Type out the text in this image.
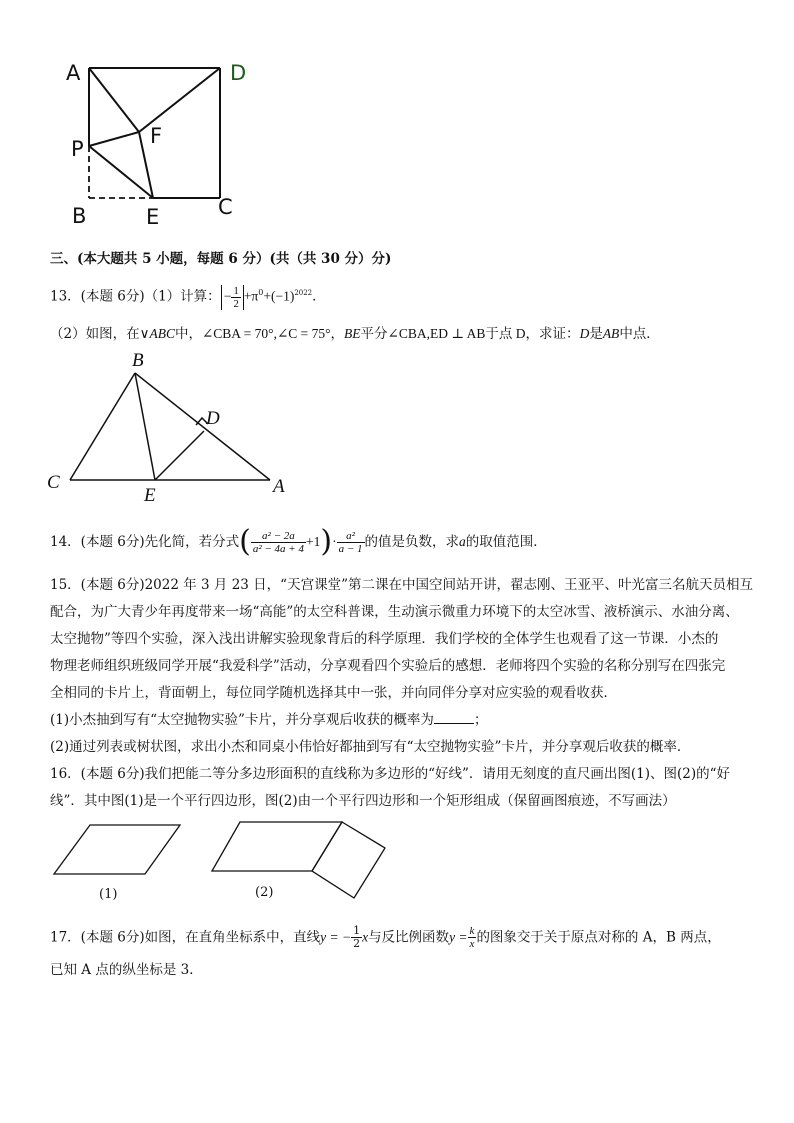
A	D
P
F
B	E	C
三、(本大题共 5 小题，每题 6 分）(共（共 30 分）分)
13．(本题 6分)（1）计算： − $\frac{1}{2} +\pi^0+(-1)^{2022}$．
（2）如图，在∨ABC中，∠CBA = 70°,∠C = 75°，BE平分∠CBA,ED ⊥ AB于点 D，求证：D是AB中点．
B
D
C
E	A
14．(本题 6分)先化简，若分式( $\frac{\text{a² − 2a}}{\text{a² − 4a + 4}} +1)\cdot \frac{\text{a²}}{a - 1}$ 的值是负数，求a的取值范围．
15．(本题 6分)2022 年 3 月 23 日，“天宫课堂”第二课在中国空间站开讲，翟志刚、王亚平、叶光富三名航天员相互
配合，为广大青少年再度带来一场“高能”的太空科普课，生动演示微重力环境下的太空冰雪、液桥演示、水油分离、
太空抛物”等四个实验，深入浅出讲解实验现象背后的科学原理．我们学校的全体学生也观看了这一节课．小杰的
物理老师组织班级同学开展“我爱科学”活动，分享观看四个实验后的感想．老师将四个实验的名称分别写在四张完
全相同的卡片上，背面朝上，每位同学随机选择其中一张，并向同伴分享对应实验的观看收获．
(1)小杰抽到写有“太空抛物实验”卡片，并分享观后收获的概率为	；
(2)通过列表或树状图，求出小杰和同桌小伟恰好都抽到写有“太空抛物实验”卡片，并分享观后收获的概率．
16．(本题 6分)我们把能二等分多边形面积的直线称为多边形的“好线”．请用无刻度的直尺画出图(1)、图(2)的“好
线”．其中图(1)是一个平行四边形，图(2)由一个平行四边形和一个矩形组成（保留画图痕迹，不写画法）
(1)	(2)
17．(本题 6分)如图，在直角坐标系中，直线y = − $\frac{1}{2}$ x与反比例函数$y = \frac{k}{x}$ 的图象交于关于原点对称的 A，B 两点，
已知 A 点的纵坐标是 3．
